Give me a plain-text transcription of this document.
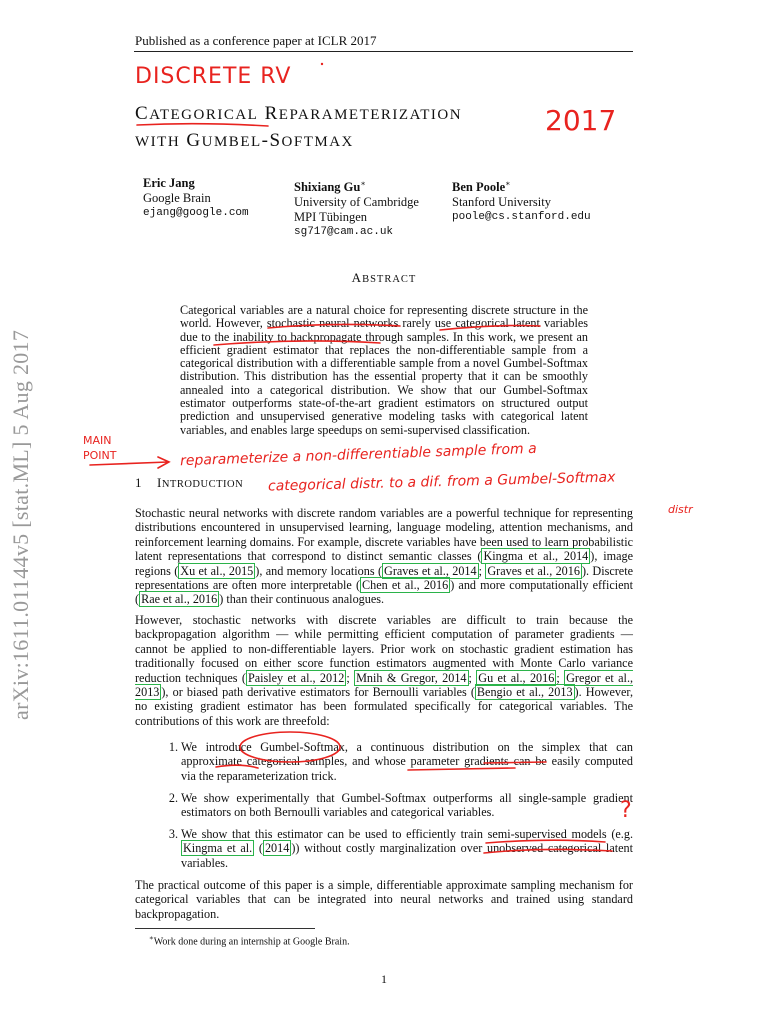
arXiv:1611.01144v5 [stat.ML] 5 Aug 2017
Published as a conference paper at ICLR 2017
CATEGORICAL REPARAMETERIZATION
WITH GUMBEL-SOFTMAX
Eric Jang
Google Brain
ejang@google.com
Shixiang Gu∗
University of Cambridge
MPI Tübingen
sg717@cam.ac.uk
Ben Poole∗
Stanford University
poole@cs.stanford.edu
ABSTRACT
Categorical variables are a natural choice for representing discrete structure in the world. However, stochastic neural networks rarely use categorical latent variables due to the inability to backpropagate through samples. In this work, we present an efficient gradient estimator that replaces the non-differentiable sample from a categorical distribution with a differentiable sample from a novel Gumbel-Softmax distribution. This distribution has the essential property that it can be smoothly annealed into a categorical distribution. We show that our Gumbel-Softmax estimator outperforms state-of-the-art gradient estimators on structured output prediction and unsupervised generative modeling tasks with categorical latent variables, and enables large speedups on semi-supervised classification.
1 INTRODUCTION
Stochastic neural networks with discrete random variables are a powerful technique for representing distributions encountered in unsupervised learning, language modeling, attention mechanisms, and reinforcement learning domains. For example, discrete variables have been used to learn probabilistic latent representations that correspond to distinct semantic classes ( Kingma et al., 2014 ), image regions ( Xu et al., 2015 ), and memory locations ( Graves et al., 2014 ; Graves et al., 2016 ). Discrete representations are often more interpretable ( Chen et al., 2016 ) and more computationally efficient ( Rae et al., 2016 ) than their continuous analogues.
However, stochastic networks with discrete variables are difficult to train because the backpropagation algorithm — while permitting efficient computation of parameter gradients — cannot be applied to non-differentiable layers. Prior work on stochastic gradient estimation has traditionally focused on either score function estimators augmented with Monte Carlo variance reduction techniques ( Paisley et al., 2012 ; Mnih & Gregor, 2014 ; Gu et al., 2016 ; Gregor et al., 2013 ), or biased path derivative estimators for Bernoulli variables ( Bengio et al., 2013 ). However, no existing gradient estimator has been formulated specifically for categorical variables. The contributions of this work are threefold:
1. We introduce Gumbel-Softmax, a continuous distribution on the simplex that can approximate categorical samples, and whose parameter gradients can be easily computed via the reparameterization trick.
2. We show experimentally that Gumbel-Softmax outperforms all single-sample gradient estimators on both Bernoulli variables and categorical variables.
3. We show that this estimator can be used to efficiently train semi-supervised models (e.g. Kingma et al. ( 2014 )) without costly marginalization over unobserved categorical latent variables.
The practical outcome of this paper is a simple, differentiable approximate sampling mechanism for categorical variables that can be integrated into neural networks and trained using standard backpropagation.
∗Work done during an internship at Google Brain.
1
DISCRETE RV
2017
MAIN
POINT	reparameterize a non-differentiable sample from a
categorical distr. to a dif. from a Gumbel-Softmax
distr
?
